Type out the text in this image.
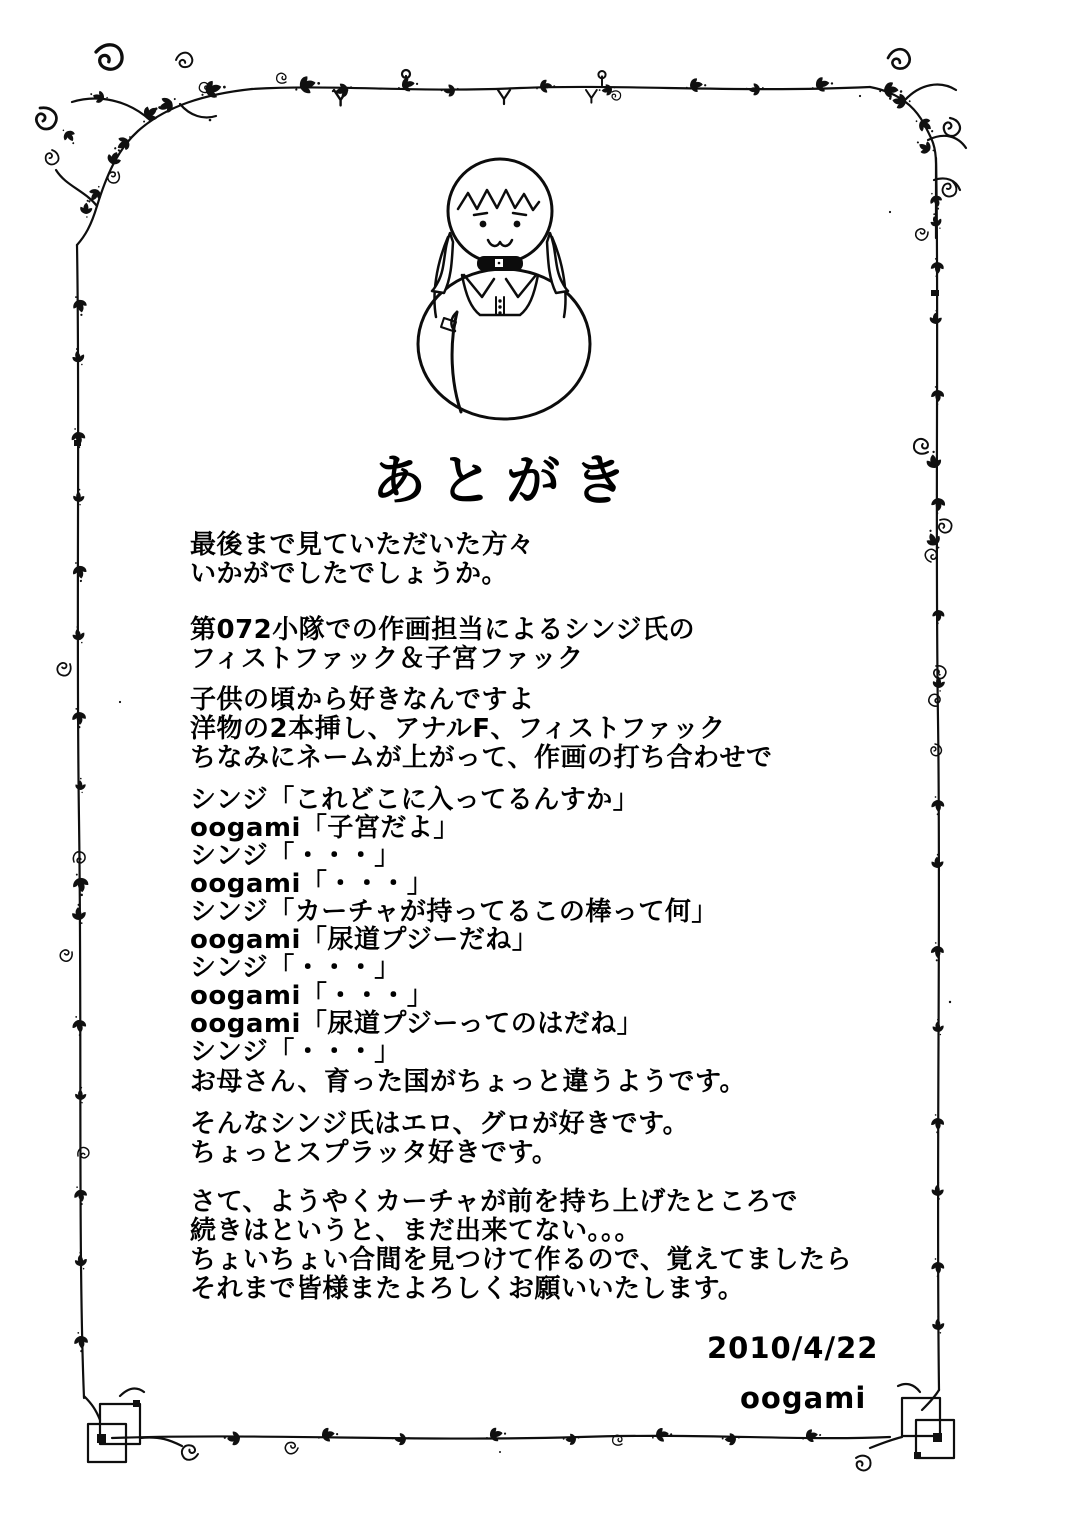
あとがき
最後まで見ていただいた方々
いかがでしたでしょうか。
第072小隊での作画担当によるシンジ氏の
フィストファック＆子宮ファック
子供の頃から好きなんですよ
洋物の2本挿し、アナルF、フィストファック
ちなみにネームが上がって、作画の打ち合わせで
シンジ「これどこに入ってるんすか」
oogami「子宮だよ」
シンジ「・・・」
oogami「・・・」
シンジ「カーチャが持ってるこの棒って何」
oogami「尿道プジーだね」
シンジ「・・・」
oogami「・・・」
oogami「尿道プジーってのはだね」
シンジ「・・・」
お母さん、育った国がちょっと違うようです。
そんなシンジ氏はエロ、グロが好きです。
ちょっとスプラッタ好きです。
さて、ようやくカーチャが前を持ち上げたところで
続きはというと、まだ出来てない。。。
ちょいちょい合間を見つけて作るので、覚えてましたら
それまで皆様またよろしくお願いいたします。
2010/4/22
oogami
